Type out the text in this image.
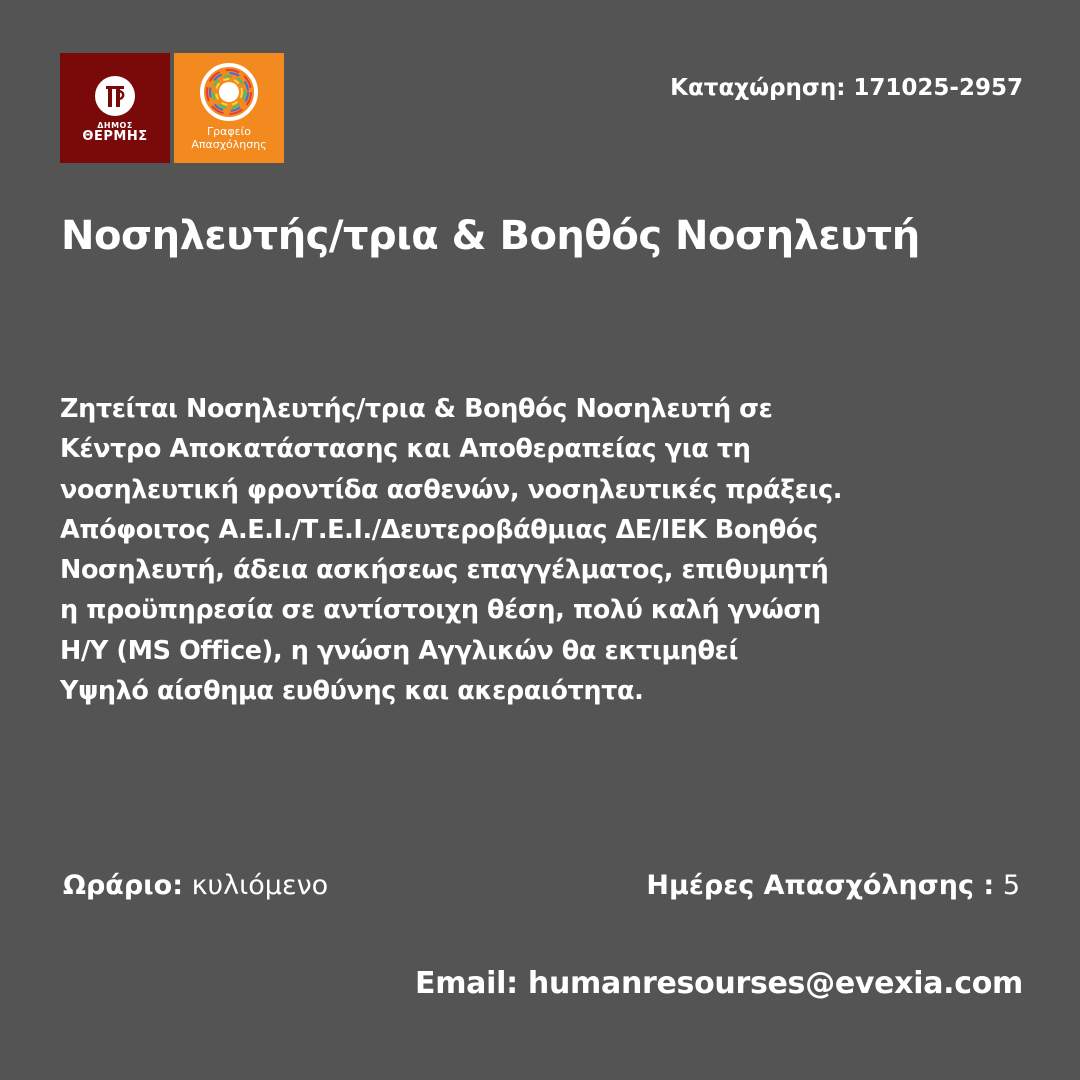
ΔΗΜΟΣ
ΘΕΡΜΗΣ	Γραφείο
Απασχόλησης
Καταχώρηση: 171025-2957
Νοσηλευτής/τρια & Βοηθός Νοσηλευτή
Ζητείται Νοσηλευτής/τρια & Βοηθός Νοσηλευτή σε
Κέντρο Αποκατάστασης και Αποθεραπείας για τη
νοσηλευτική φροντίδα ασθενών, νοσηλευτικές πράξεις.
Απόφοιτος Α.Ε.Ι./Τ.Ε.Ι./Δευτεροβάθμιας ΔΕ/ΙΕΚ Βοηθός
Νοσηλευτή, άδεια ασκήσεως επαγγέλματος, επιθυμητή
η προϋπηρεσία σε αντίστοιχη θέση, πολύ καλή γνώση
Η/Υ (MS Office), η γνώση Αγγλικών θα εκτιμηθεί
Υψηλό αίσθημα ευθύνης και ακεραιότητα.
Ωράριο: κυλιόμενο	Ημέρες Απασχόλησης : 5
Email: humanresourses@evexia.com
